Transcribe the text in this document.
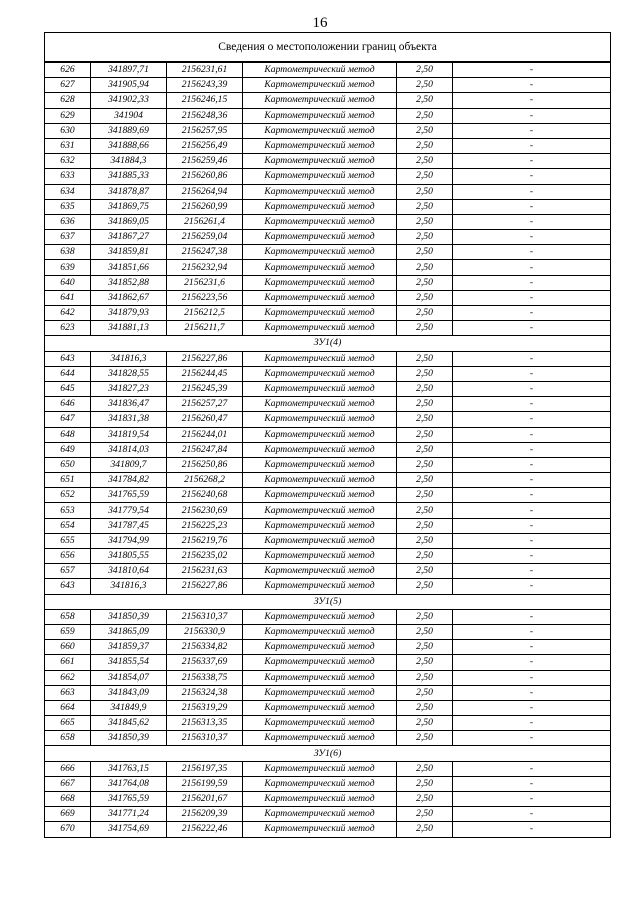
16
Сведения о местоположении границ объекта					
626	341897,71	2156231,61	Картометрический метод	2,50	-
627	341905,94	2156243,39	Картометрический метод	2,50	-
628	341902,33	2156246,15	Картометрический метод	2,50	-
629	341904	2156248,36	Картометрический метод	2,50	-
630	341889,69	2156257,95	Картометрический метод	2,50	-
631	341888,66	2156256,49	Картометрический метод	2,50	-
632	341884,3	2156259,46	Картометрический метод	2,50	-
633	341885,33	2156260,86	Картометрический метод	2,50	-
634	341878,87	2156264,94	Картометрический метод	2,50	-
635	341869,75	2156260,99	Картометрический метод	2,50	-
636	341869,05	2156261,4	Картометрический метод	2,50	-
637	341867,27	2156259,04	Картометрический метод	2,50	-
638	341859,81	2156247,38	Картометрический метод	2,50	-
639	341851,66	2156232,94	Картометрический метод	2,50	-
640	341852,88	2156231,6	Картометрический метод	2,50	-
641	341862,67	2156223,56	Картометрический метод	2,50	-
642	341879,93	2156212,5	Картометрический метод	2,50	-
623	341881,13	2156211,7	Картометрический метод	2,50	-
ЗУ1(4)					
643	341816,3	2156227,86	Картометрический метод	2,50	-
644	341828,55	2156244,45	Картометрический метод	2,50	-
645	341827,23	2156245,39	Картометрический метод	2,50	-
646	341836,47	2156257,27	Картометрический метод	2,50	-
647	341831,38	2156260,47	Картометрический метод	2,50	-
648	341819,54	2156244,01	Картометрический метод	2,50	-
649	341814,03	2156247,84	Картометрический метод	2,50	-
650	341809,7	2156250,86	Картометрический метод	2,50	-
651	341784,82	2156268,2	Картометрический метод	2,50	-
652	341765,59	2156240,68	Картометрический метод	2,50	-
653	341779,54	2156230,69	Картометрический метод	2,50	-
654	341787,45	2156225,23	Картометрический метод	2,50	-
655	341794,99	2156219,76	Картометрический метод	2,50	-
656	341805,55	2156235,02	Картометрический метод	2,50	-
657	341810,64	2156231,63	Картометрический метод	2,50	-
643	341816,3	2156227,86	Картометрический метод	2,50	-
ЗУ1(5)					
658	341850,39	2156310,37	Картометрический метод	2,50	-
659	341865,09	2156330,9	Картометрический метод	2,50	-
660	341859,37	2156334,82	Картометрический метод	2,50	-
661	341855,54	2156337,69	Картометрический метод	2,50	-
662	341854,07	2156338,75	Картометрический метод	2,50	-
663	341843,09	2156324,38	Картометрический метод	2,50	-
664	341849,9	2156319,29	Картометрический метод	2,50	-
665	341845,62	2156313,35	Картометрический метод	2,50	-
658	341850,39	2156310,37	Картометрический метод	2,50	-
ЗУ1(6)					
666	341763,15	2156197,35	Картометрический метод	2,50	-
667	341764,08	2156199,59	Картометрический метод	2,50	-
668	341765,59	2156201,67	Картометрический метод	2,50	-
669	341771,24	2156209,39	Картометрический метод	2,50	-
670	341754,69	2156222,46	Картометрический метод	2,50	-
